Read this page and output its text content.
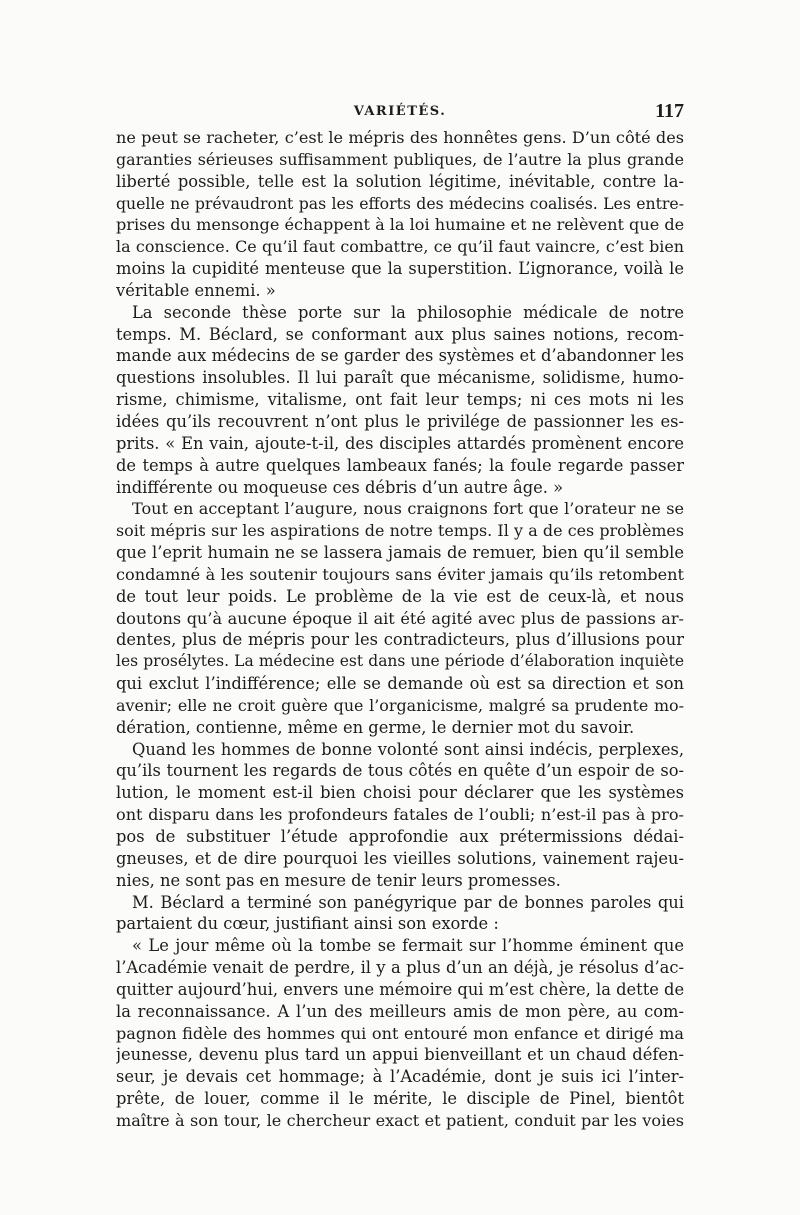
VARIÉTÉS.	117
ne peut se racheter, c’est le mépris des honnêtes gens. D’un côté des
garanties sérieuses suffisamment publiques, de l’autre la plus grande
liberté possible, telle est la solution légitime, inévitable, contre la-
quelle ne prévaudront pas les efforts des médecins coalisés. Les entre-
prises du mensonge échappent à la loi humaine et ne relèvent que de
la conscience. Ce qu’il faut combattre, ce qu’il faut vaincre, c’est bien
moins la cupidité menteuse que la superstition. L’ignorance, voilà le
véritable ennemi. »
La seconde thèse porte sur la philosophie médicale de notre
temps. M. Béclard, se conformant aux plus saines notions, recom-
mande aux médecins de se garder des systèmes et d’abandonner les
questions insolubles. Il lui paraît que mécanisme, solidisme, humo-
risme, chimisme, vitalisme, ont fait leur temps; ni ces mots ni les
idées qu’ils recouvrent n’ont plus le privilége de passionner les es-
prits. « En vain, ajoute-t-il, des disciples attardés promènent encore
de temps à autre quelques lambeaux fanés; la foule regarde passer
indifférente ou moqueuse ces débris d’un autre âge. »
Tout en acceptant l’augure, nous craignons fort que l’orateur ne se
soit mépris sur les aspirations de notre temps. Il y a de ces problèmes
que l’eprit humain ne se lassera jamais de remuer, bien qu’il semble
condamné à les soutenir toujours sans éviter jamais qu’ils retombent
de tout leur poids. Le problème de la vie est de ceux-là, et nous
doutons qu’à aucune époque il ait été agité avec plus de passions ar-
dentes, plus de mépris pour les contradicteurs, plus d’illusions pour
les prosélytes. La médecine est dans une période d’élaboration inquiète
qui exclut l’indifférence; elle se demande où est sa direction et son
avenir; elle ne croit guère que l’organicisme, malgré sa prudente mo-
dération, contienne, même en germe, le dernier mot du savoir.
Quand les hommes de bonne volonté sont ainsi indécis, perplexes,
qu’ils tournent les regards de tous côtés en quête d’un espoir de so-
lution, le moment est-il bien choisi pour déclarer que les systèmes
ont disparu dans les profondeurs fatales de l’oubli; n’est-il pas à pro-
pos de substituer l’étude approfondie aux prétermissions dédai-
gneuses, et de dire pourquoi les vieilles solutions, vainement rajeu-
nies, ne sont pas en mesure de tenir leurs promesses.
M. Béclard a terminé son panégyrique par de bonnes paroles qui
partaient du cœur, justifiant ainsi son exorde :
« Le jour même où la tombe se fermait sur l’homme éminent que
l’Académie venait de perdre, il y a plus d’un an déjà, je résolus d’ac-
quitter aujourd’hui, envers une mémoire qui m’est chère, la dette de
la reconnaissance. A l’un des meilleurs amis de mon père, au com-
pagnon fidèle des hommes qui ont entouré mon enfance et dirigé ma
jeunesse, devenu plus tard un appui bienveillant et un chaud défen-
seur, je devais cet hommage; à l’Académie, dont je suis ici l’inter-
prête, de louer, comme il le mérite, le disciple de Pinel, bientôt
maître à son tour, le chercheur exact et patient, conduit par les voies
